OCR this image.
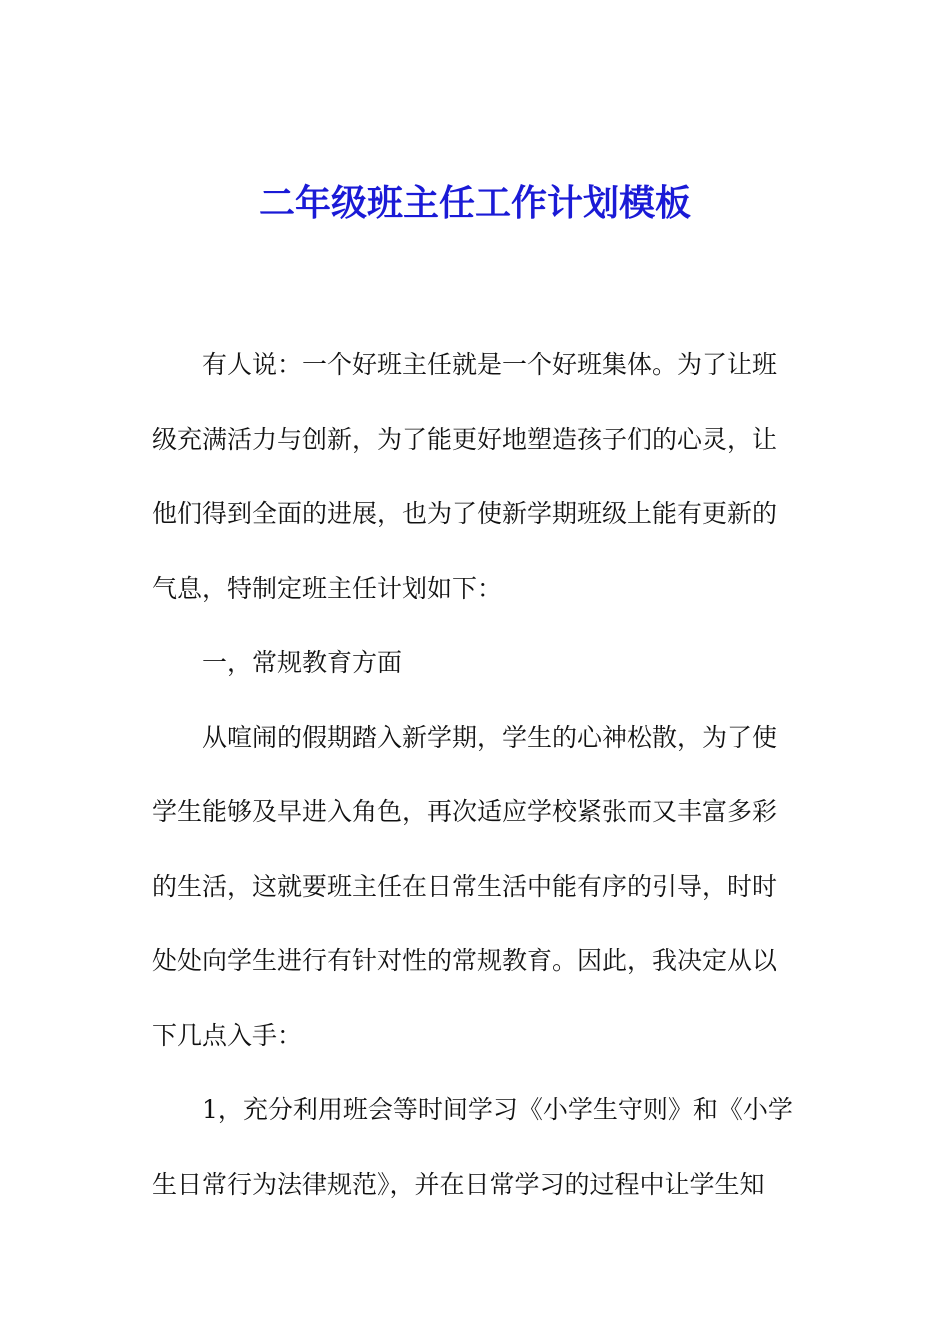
二年级班主任工作计划模板
有人说：一个好班主任就是一个好班集体。为了让班
级充满活力与创新，为了能更好地塑造孩子们的心灵，让
他们得到全面的进展，也为了使新学期班级上能有更新的
气息，特制定班主任计划如下：
一，常规教育方面
从喧闹的假期踏入新学期，学生的心神松散，为了使
学生能够及早进入角色，再次适应学校紧张而又丰富多彩
的生活，这就要班主任在日常生活中能有序的引导，时时
处处向学生进行有针对性的常规教育。因此，我决定从以
下几点入手：
1，充分利用班会等时间学习《小学生守则》和《小学
生日常行为法律规范》，并在日常学习的过程中让学生知
